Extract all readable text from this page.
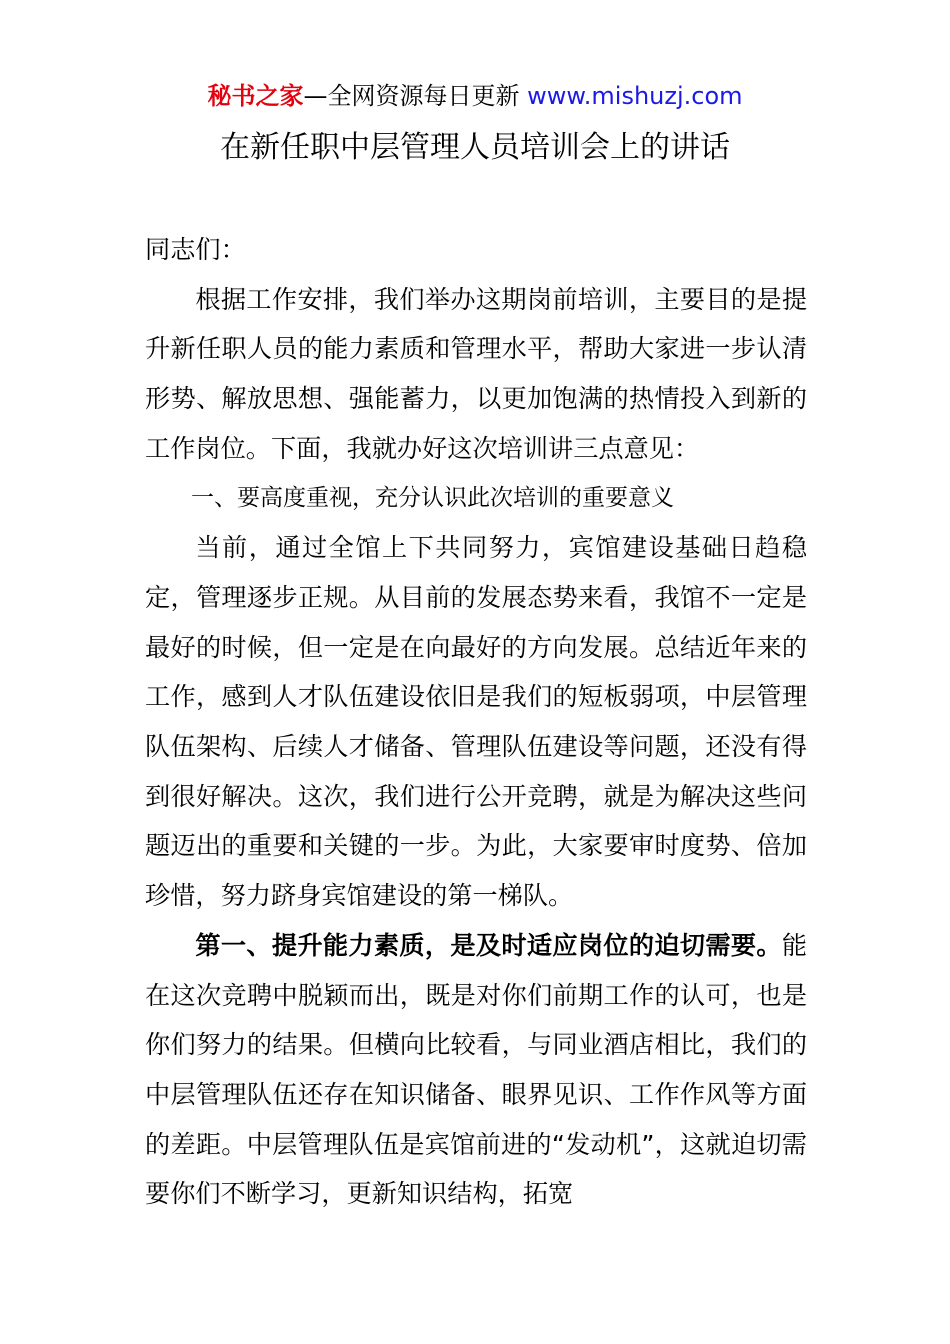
秘书之家—全网资源每日更新 www.mishuzj.com
在新任职中层管理人员培训会上的讲话

同志们：

根据工作安排，我们举办这期岗前培训，主要目的是提升新任职人员的能力素质和管理水平，帮助大家进一步认清形势、解放思想、强能蓄力，以更加饱满的热情投入到新的工作岗位。下面，我就办好这次培训讲三点意见：

一、要高度重视，充分认识此次培训的重要意义

当前，通过全馆上下共同努力，宾馆建设基础日趋稳定，管理逐步正规。从目前的发展态势来看，我馆不一定是最好的时候，但一定是在向最好的方向发展。总结近年来的工作，感到人才队伍建设依旧是我们的短板弱项，中层管理队伍架构、后续人才储备、管理队伍建设等问题，还没有得到很好解决。这次，我们进行公开竞聘，就是为解决这些问题迈出的重要和关键的一步。为此，大家要审时度势、倍加珍惜，努力跻身宾馆建设的第一梯队。

第一、提升能力素质，是及时适应岗位的迫切需要。能在这次竞聘中脱颖而出，既是对你们前期工作的认可，也是你们努力的结果。但横向比较看，与同业酒店相比，我们的中层管理队伍还存在知识储备、眼界见识、工作作风等方面的差距。中层管理队伍是宾馆前进的“发动机”，这就迫切需要你们不断学习，更新知识结构，拓宽
